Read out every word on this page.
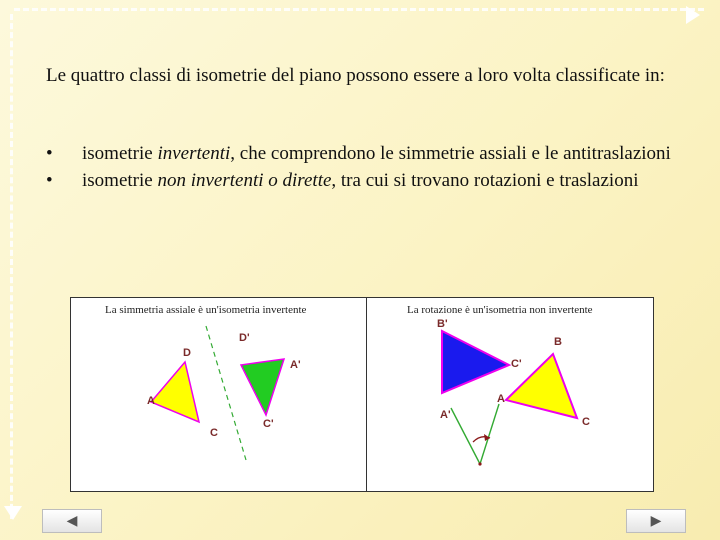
Le quattro classi di isometrie del piano possono essere a loro volta classificate in:
•	isometrie invertenti, che comprendono le simmetrie assiali e le antitraslazioni
•	isometrie non invertenti o dirette, tra cui si trovano rotazioni e traslazioni
La simmetria assiale è un'isometria invertente	La rotazione è un'isometria non invertente
D
A
C
D'
A'
C'
B'
C'
A'
B
A
C
◀	▶
